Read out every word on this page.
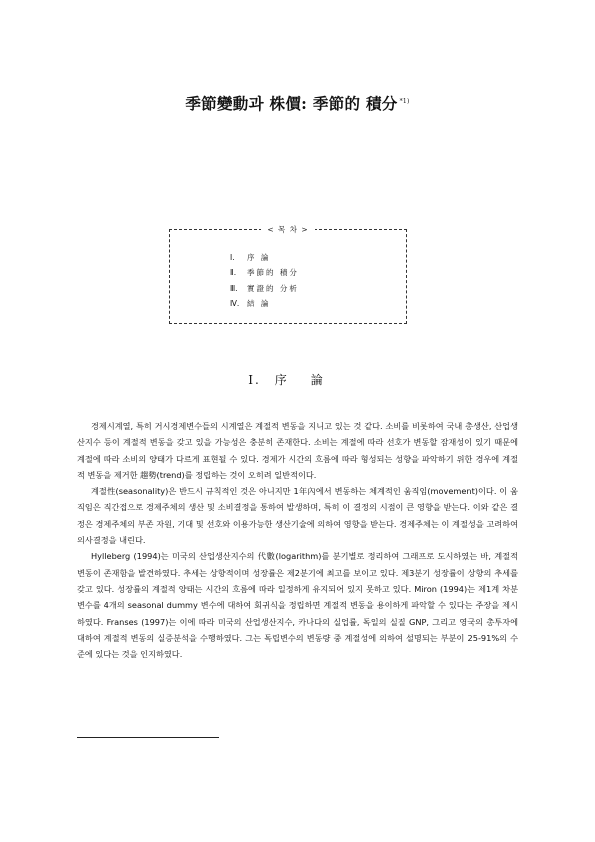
季節變動과 株價: 季節的 積分 $^{*1)}$
< 목 차 >
Ⅰ. 序 論
Ⅱ. 季節的 積分
Ⅲ. 實證的 分析
Ⅳ. 結 論
Ⅰ. 序論

경제시계열, 특히 거시경제변수들의 시계열은 계절적 변동을 지니고 있는 것 같다. 소비를 비롯하여 국내 총생산, 산업생산지수 등이 계절적 변동을 갖고 있을 가능성은 충분히 존재한다. 소비는 계절에 따라 선호가 변동할 잠재성이 있기 때문에 계절에 따라 소비의 양태가 다르게 표현될 수 있다. 경제가 시간의 흐름에 따라 형성되는 성향을 파악하기 위한 경우에 계절적 변동을 제거한 趨勢(trend)를 정립하는 것이 오히려 일반적이다.

계절性(seasonality)은 반드시 규칙적인 것은 아니지만 1年內에서 변동하는 체계적인 움직임(movement)이다. 이 움직임은 직간접으로 경제주체의 생산 및 소비결정을 통하여 발생하며, 특히 이 결정의 시점이 큰 영향을 받는다. 이와 같은 결정은 경제주체의 부존 자원, 기대 및 선호와 이용가능한 생산기술에 의하여 영향을 받는다. 경제주체는 이 계절성을 고려하여 의사결정을 내린다.

Hylleberg (1994)는 미국의 산업생산지수의 代數(logarithm)를 분기별로 정리하여 그래프로 도시하였는 바, 계절적 변동이 존재함을 발견하였다. 추세는 상향적이며 성장률은 제2분기에 최고를 보이고 있다. 제3분기 성장률이 상향의 추세를 갖고 있다. 성장률의 계절적 양태는 시간의 흐름에 따라 일정하게 유지되어 있지 못하고 있다. Miron (1994)는 제1계 차분변수를 4개의 seasonal dummy 변수에 대하여 회귀식을 정립하면 계절적 변동을 용이하게 파악할 수 있다는 주장을 제시하였다. Franses (1997)는 이에 따라 미국의 산업생산지수, 카나다의 실업률, 독일의 실질 GNP, 그리고 영국의 총투자에 대하여 계절적 변동의 실증분석을 수행하였다. 그는 독립변수의 변동량 중 계절성에 의하여 설명되는 부분이 25-91%의 수준에 있다는 것을 인지하였다.
